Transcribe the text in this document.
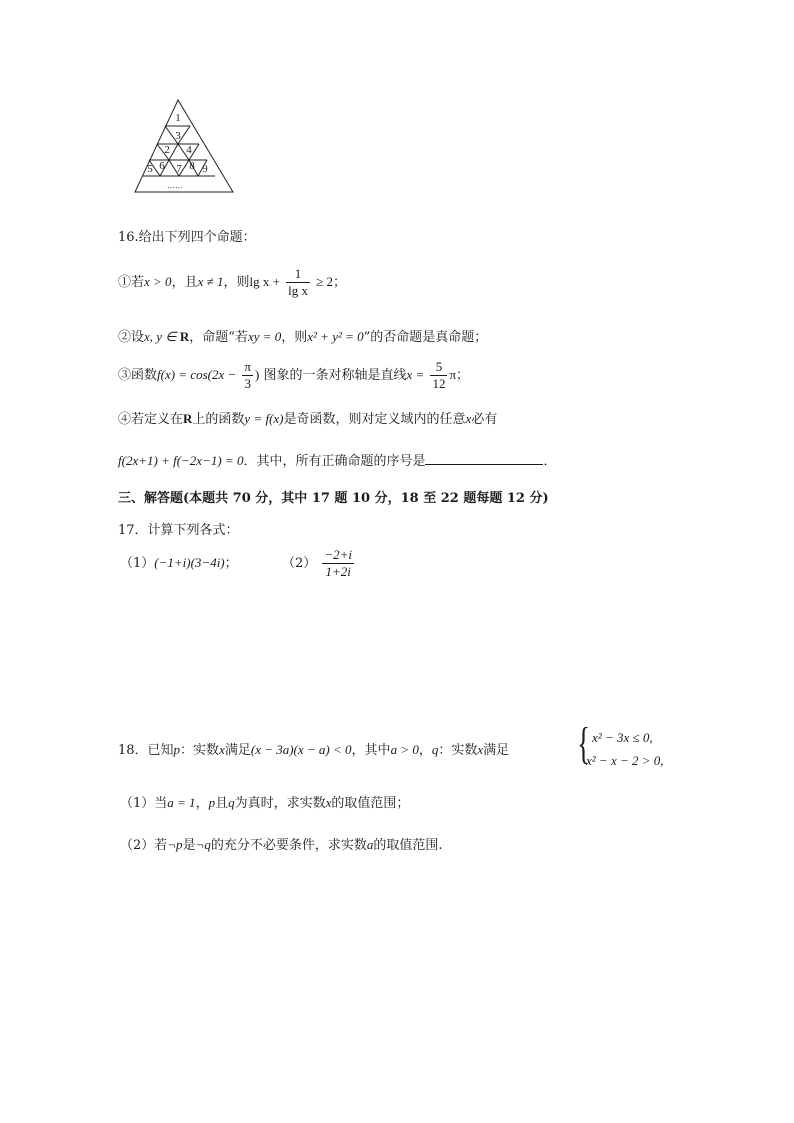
1
2
3
4
5 6 7 8 9
……
16.给出下列四个命题：
①若x > 0，且x ≠ 1，则$\lg x + \frac{1}{\text{lg x}} \ge 2$；
②设x, y ∈ R，命题“若xy = 0，则x² + y² = 0”的否命题是真命题；
③函数$f(x) = \cos(2x - \frac{\pi}{3}$ ) 图象的一条对称轴是直线$x = \frac{5}{12}$ π；
④若定义在R上的函数y = f(x)是奇函数，则对定义域内的任意x必有
f(2x+1) + f(−2x−1) = 0．其中，所有正确命题的序号是	．
三、解答题(本题共 70 分，其中 17 题 10 分，18 至 22 题每题 12 分)
17．计算下列各式：
（1）(−1+i)(3−4i)；	$(2) \frac{-2+i}{1+2i}$
18．已知p：实数x满足(x − 3a)(x − a) < 0，其中a > 0，q：实数x满足 { x² − 3x ≤ 0,
x² − x − 2 > 0,
（1）当a = 1，p且q为真时，求实数x的取值范围；
（2）若¬p是¬q的充分不必要条件，求实数a的取值范围.
